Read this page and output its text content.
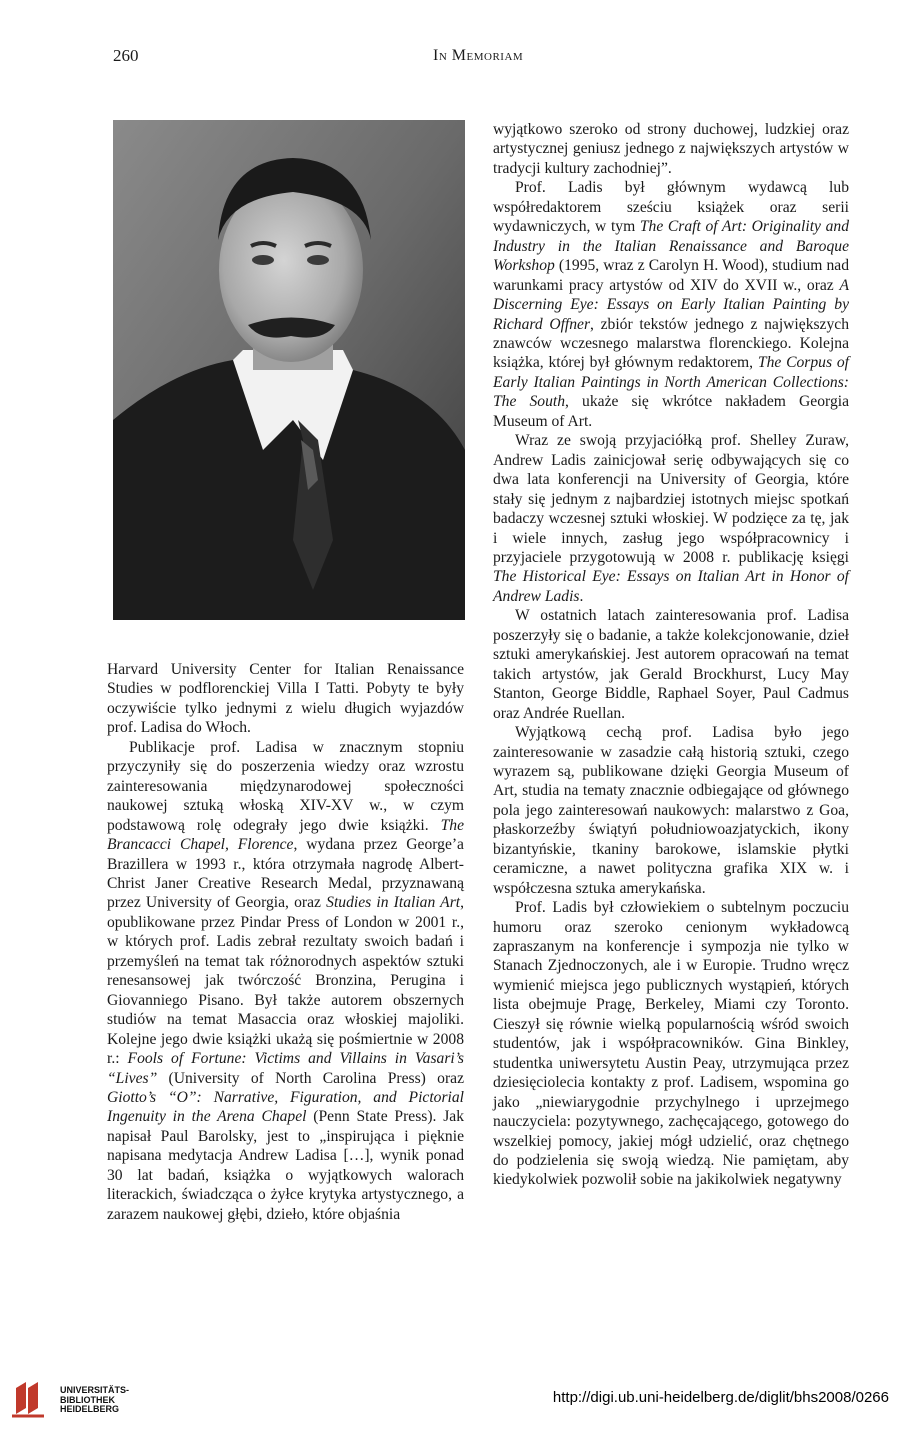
260	In Memoriam

Harvard University Center for Italian Renaissance Studies w podflorenckiej Villa I Tatti. Pobyty te były oczywiście tylko jednymi z wielu długich wyjazdów prof. Ladisa do Włoch.

Publikacje prof. Ladisa w znacznym stopniu przyczyniły się do poszerzenia wiedzy oraz wzrostu zainteresowania międzynarodowej społeczności naukowej sztuką włoską XIV-XV w., w czym podstawową rolę odegrały jego dwie książki. The Brancacci Chapel, Florence, wydana przez George’a Brazillera w 1993 r., która otrzymała nagrodę Albert-Christ Janer Creative Research Medal, przyznawaną przez University of Georgia, oraz Studies in Italian Art, opublikowane przez Pindar Press of London w 2001 r., w których prof. Ladis zebrał rezultaty swoich badań i przemyśleń na temat tak różnorodnych aspektów sztuki renesansowej jak twórczość Bronzina, Perugina i Giovanniego Pisano. Był także autorem obszernych studiów na temat Masaccia oraz włoskiej majoliki. Kolejne jego dwie książki ukażą się pośmiertnie w 2008 r.: Fools of Fortune: Victims and Villains in Vasari’s “Lives” (University of North Carolina Press) oraz Giotto’s “O”: Narrative, Figuration, and Pictorial Ingenuity in the Arena Chapel (Penn State Press). Jak napisał Paul Barolsky, jest to „inspirująca i pięknie napisana medytacja Andrew Ladisa […], wynik ponad 30 lat badań, książka o wyjątkowych walorach literackich, świadcząca o żyłce krytyka artystycznego, a zarazem naukowej głębi, dzieło, które objaśnia

wyjątkowo szeroko od strony duchowej, ludzkiej oraz artystycznej geniusz jednego z największych artystów w tradycji kultury zachodniej”.

Prof. Ladis był głównym wydawcą lub współredaktorem sześciu książek oraz serii wydawniczych, w tym The Craft of Art: Originality and Industry in the Italian Renaissance and Baroque Workshop (1995, wraz z Carolyn H. Wood), studium nad warunkami pracy artystów od XIV do XVII w., oraz A Discerning Eye: Essays on Early Italian Painting by Richard Offner, zbiór tekstów jednego z największych znawców wczesnego malarstwa florenckiego. Kolejna książka, której był głównym redaktorem, The Corpus of Early Italian Paintings in North American Collections: The South, ukaże się wkrótce nakładem Georgia Museum of Art.

Wraz ze swoją przyjaciółką prof. Shelley Zuraw, Andrew Ladis zainicjował serię odbywających się co dwa lata konferencji na University of Georgia, które stały się jednym z najbardziej istotnych miejsc spotkań badaczy wczesnej sztuki włoskiej. W podzięce za tę, jak i wiele innych, zasług jego współpracownicy i przyjaciele przygotowują w 2008 r. publikację księgi The Historical Eye: Essays on Italian Art in Honor of Andrew Ladis.

W ostatnich latach zainteresowania prof. Ladisa poszerzyły się o badanie, a także kolekcjonowanie, dzieł sztuki amerykańskiej. Jest autorem opracowań na temat takich artystów, jak Gerald Brockhurst, Lucy May Stanton, George Biddle, Raphael Soyer, Paul Cadmus oraz Andrée Ruellan.

Wyjątkową cechą prof. Ladisa było jego zainteresowanie w zasadzie całą historią sztuki, czego wyrazem są, publikowane dzięki Georgia Museum of Art, studia na tematy znacznie odbiegające od głównego pola jego zainteresowań naukowych: malarstwo z Goa, płaskorzeźby świątyń południowoazjatyckich, ikony bizantyńskie, tkaniny barokowe, islamskie płytki ceramiczne, a nawet polityczna grafika XIX w. i współczesna sztuka amerykańska.

Prof. Ladis był człowiekiem o subtelnym poczuciu humoru oraz szeroko cenionym wykładowcą zapraszanym na konferencje i sympozja nie tylko w Stanach Zjednoczonych, ale i w Europie. Trudno wręcz wymienić miejsca jego publicznych wystąpień, których lista obejmuje Pragę, Berkeley, Miami czy Toronto. Cieszył się równie wielką popularnością wśród swoich studentów, jak i współpracowników. Gina Binkley, studentka uniwersytetu Austin Peay, utrzymująca przez dziesięciolecia kontakty z prof. Ladisem, wspomina go jako „niewiarygodnie przychylnego i uprzejmego nauczyciela: pozytywnego, zachęcającego, gotowego do wszelkiej pomocy, jakiej mógł udzielić, oraz chętnego do podzielenia się swoją wiedzą. Nie pamiętam, aby kiedykolwiek pozwolił sobie na jakikolwiek negatywny

UNIVERSITÄTS-
BIBLIOTHEK
HEIDELBERG
http://digi.ub.uni-heidelberg.de/diglit/bhs2008/0266
